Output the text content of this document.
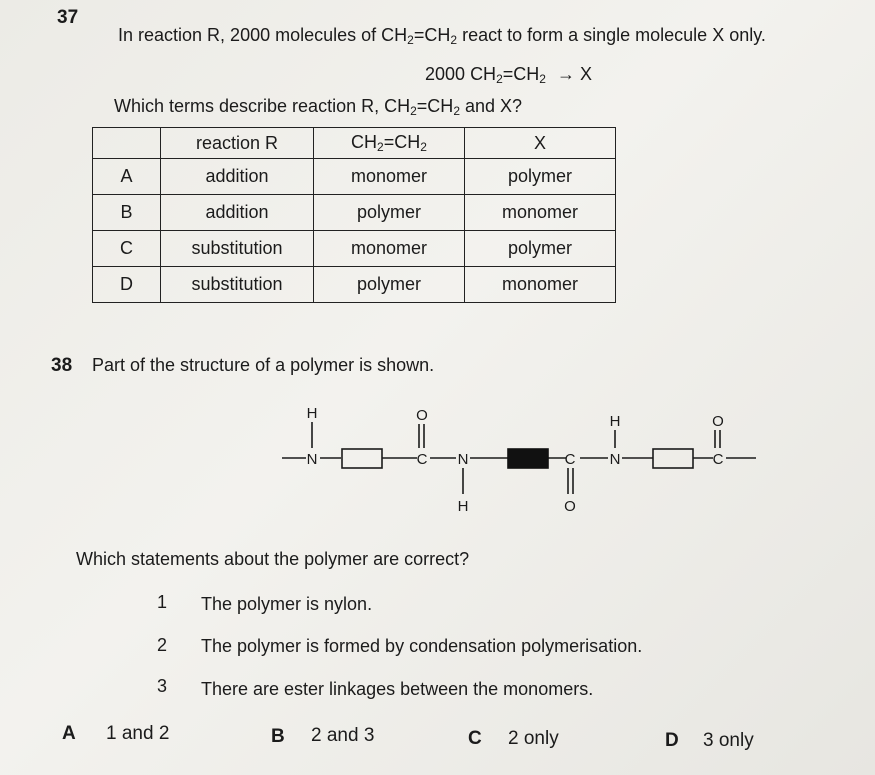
37
In reaction R, 2000 molecules of $CH_2=CH_2$ react to form a single molecule X only.
2000 $CH_2=CH_2 \to X$
Which terms describe reaction R, $CH_2=CH_2$ and X?
	reaction R	$CH_2=CH_2$	X
A	addition	monomer	polymer
B	addition	polymer	monomer
C	substitution	monomer	polymer
D	substitution	polymer	monomer
38 Part of the structure of a polymer is shown.
H
N
O
C N
H
C
O
H
N
O
C
Which statements about the polymer are correct?
1 The polymer is nylon.
2 The polymer is formed by condensation polymerisation.
3 There are ester linkages between the monomers.
A 1 and 2	B 2 and 3	C 2 only	D 3 only
